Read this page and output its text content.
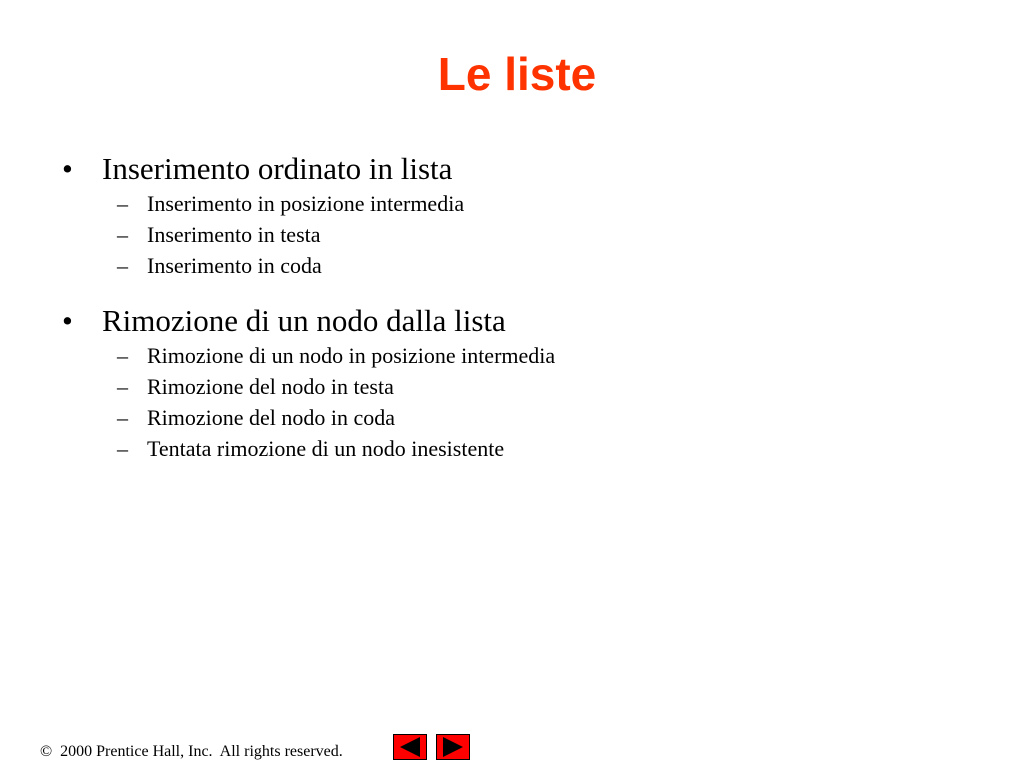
Le liste
• Inserimento ordinato in lista
– Inserimento in posizione intermedia
– Inserimento in testa
– Inserimento in coda
• Rimozione di un nodo dalla lista
– Rimozione di un nodo in posizione intermedia
– Rimozione del nodo in testa
– Rimozione del nodo in coda
– Tentata rimozione di un nodo inesistente
©  2000 Prentice Hall, Inc.  All rights reserved.
